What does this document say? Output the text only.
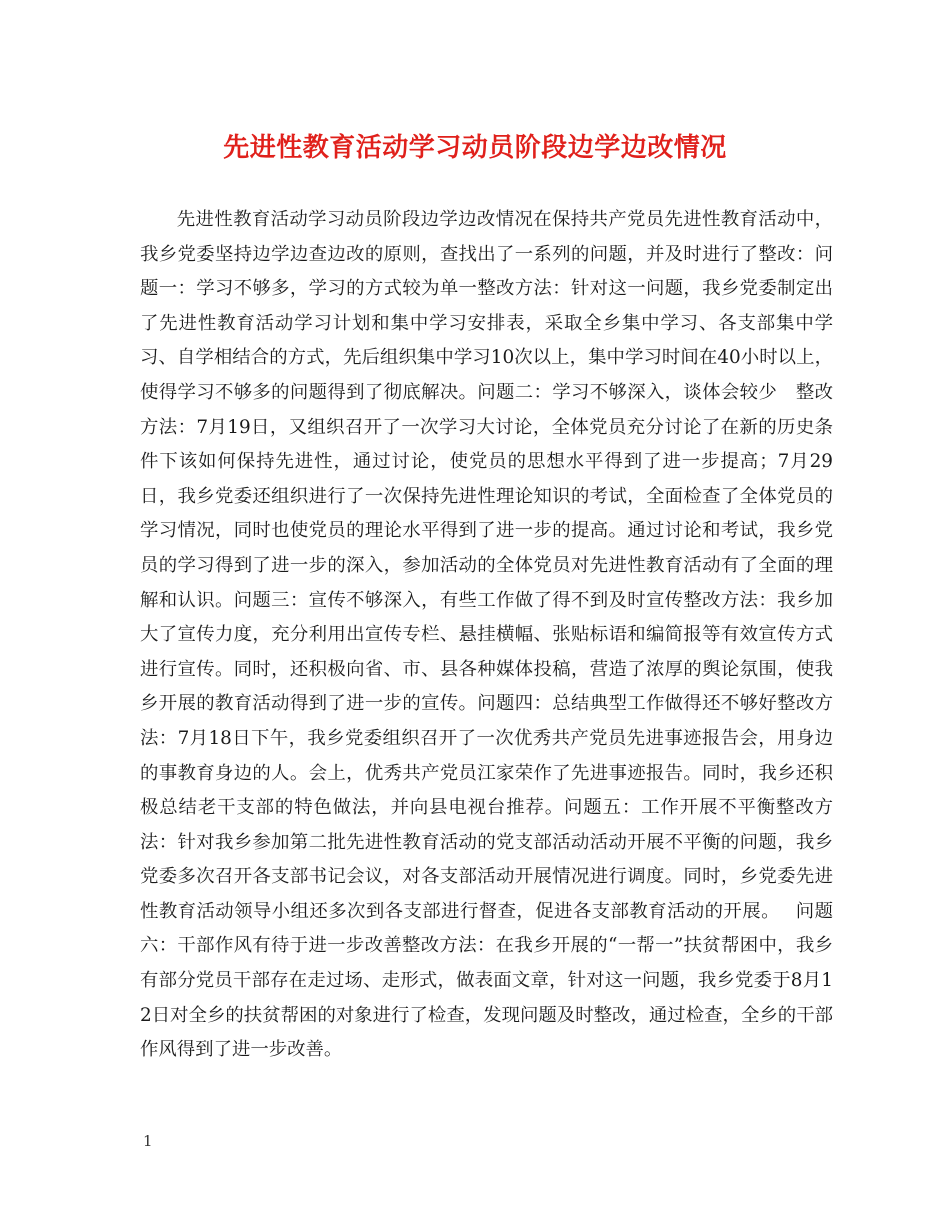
先进性教育活动学习动员阶段边学边改情况

先进性教育活动学习动员阶段边学边改情况在保持共产党员先进性教育活动中，我乡党委坚持边学边查边改的原则，查找出了一系列的问题，并及时进行了整改：问题一：学习不够多，学习的方式较为单一整改方法：针对这一问题，我乡党委制定出了先进性教育活动学习计划和集中学习安排表，采取全乡集中学习、各支部集中学习、自学相结合的方式，先后组织集中学习10次以上，集中学习时间在40小时以上，使得学习不够多的问题得到了彻底解决。问题二：学习不够深入，谈体会较少　整改方法：7月19日，又组织召开了一次学习大讨论，全体党员充分讨论了在新的历史条件下该如何保持先进性，通过讨论，使党员的思想水平得到了进一步提高；7月29日，我乡党委还组织进行了一次保持先进性理论知识的考试，全面检查了全体党员的学习情况，同时也使党员的理论水平得到了进一步的提高。通过讨论和考试，我乡党员的学习得到了进一步的深入，参加活动的全体党员对先进性教育活动有了全面的理解和认识。问题三：宣传不够深入，有些工作做了得不到及时宣传整改方法：我乡加大了宣传力度，充分利用出宣传专栏、悬挂横幅、张贴标语和编简报等有效宣传方式进行宣传。同时，还积极向省、市、县各种媒体投稿，营造了浓厚的舆论氛围，使我乡开展的教育活动得到了进一步的宣传。问题四：总结典型工作做得还不够好整改方法：7月18日下午，我乡党委组织召开了一次优秀共产党员先进事迹报告会，用身边的事教育身边的人。会上，优秀共产党员江家荣作了先进事迹报告。同时，我乡还积极总结老干支部的特色做法，并向县电视台推荐。问题五：工作开展不平衡整改方法：针对我乡参加第二批先进性教育活动的党支部活动活动开展不平衡的问题，我乡党委多次召开各支部书记会议，对各支部活动开展情况进行调度。同时，乡党委先进性教育活动领导小组还多次到各支部进行督查，促进各支部教育活动的开展。　 问题六：干部作风有待于进一步改善整改方法：在我乡开展的“一帮一”扶贫帮困中，我乡有部分党员干部存在走过场、走形式，做表面文章，针对这一问题，我乡党委于8月12日对全乡的扶贫帮困的对象进行了检查，发现问题及时整改，通过检查，全乡的干部作风得到了进一步改善。

1
